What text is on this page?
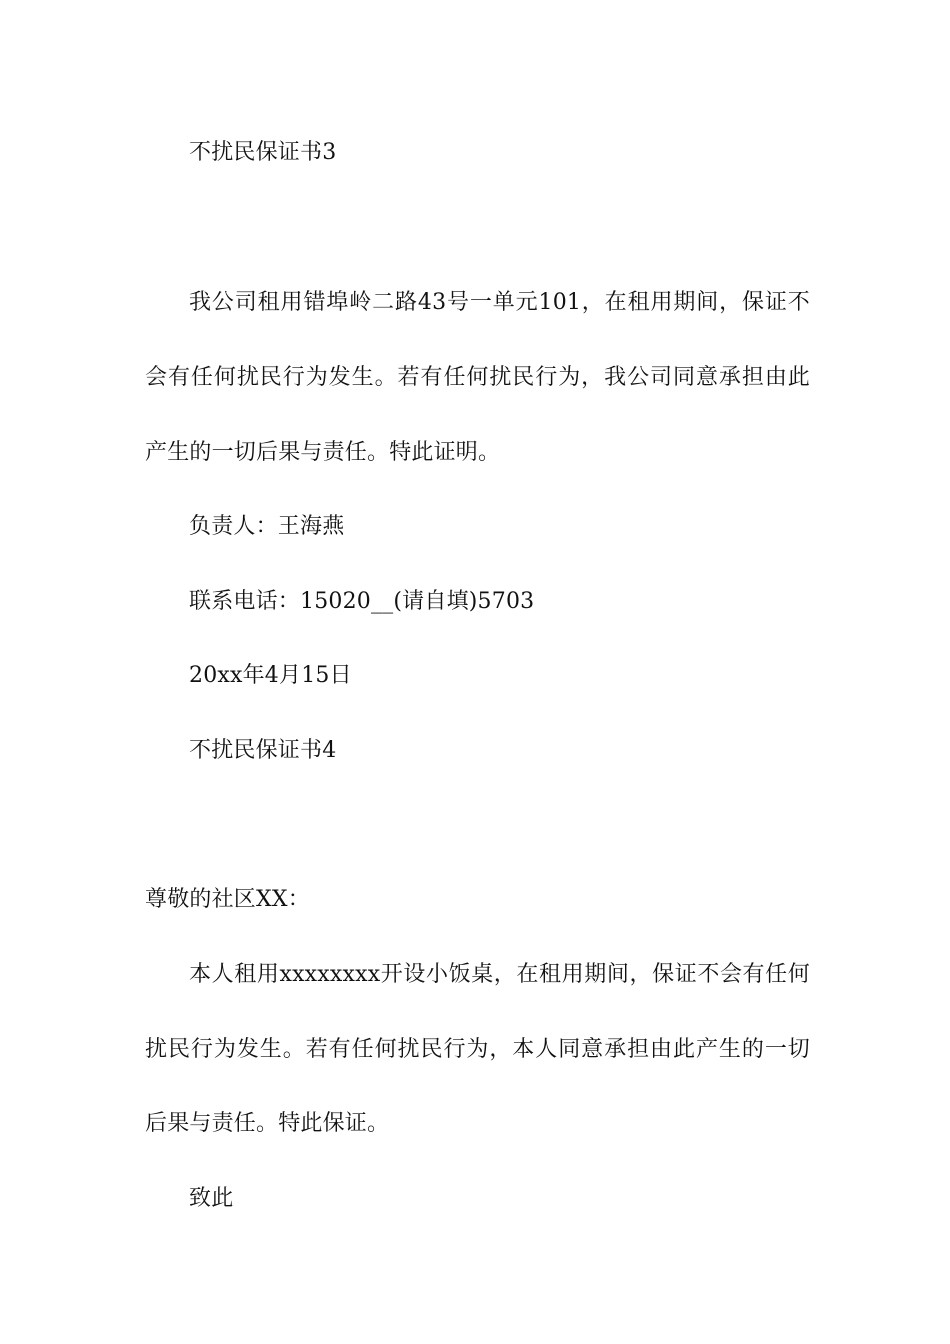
不扰民保证书3
我公司租用错埠岭二路43号一单元101，在租用期间，保证不
会有任何扰民行为发生。若有任何扰民行为，我公司同意承担由此
产生的一切后果与责任。特此证明。
负责人：王海燕
联系电话：15020__(请自填)5703
20xx年4月15日
不扰民保证书4
尊敬的社区XX：
本人租用xxxxxxxx开设小饭桌，在租用期间，保证不会有任何
扰民行为发生。若有任何扰民行为，本人同意承担由此产生的一切
后果与责任。特此保证。
致此
